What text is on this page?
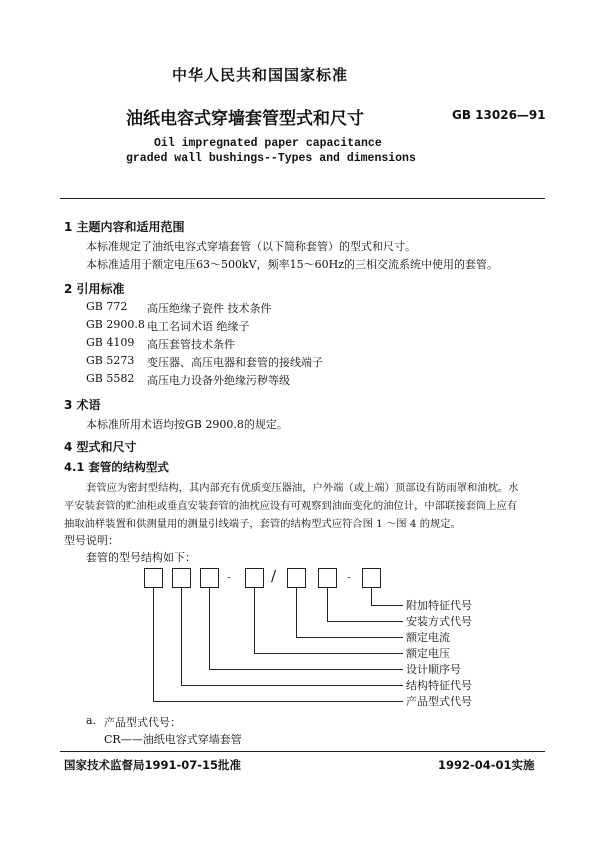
中华人民共和国国家标准
油纸电容式穿墙套管型式和尺寸	GB 13026—91
Oil impregnated paper capacitance
graded wall bushings--Types and dimensions
1 主题内容和适用范围
本标准规定了油纸电容式穿墙套管（以下简称套管）的型式和尺寸。
本标准适用于额定电压63～500kV，频率15～60Hz的三相交流系统中使用的套管。
2 引用标准
GB 772 高压绝缘子瓷件 技术条件
GB 2900.8 电工名词术语 绝缘子
GB 4109 高压套管技术条件
GB 5273 变压器、高压电器和套管的接线端子
GB 5582 高压电力设备外绝缘污秽等级
3 术语
本标准所用术语均按GB 2900.8的规定。
4 型式和尺寸
4.1 套管的结构型式
套管应为密封型结构，其内部充有优质变压器油，户外端（或上端）顶部设有防雨罩和油枕。水
平安装套管的贮油柜或垂直安装套管的油枕应设有可观察到油面变化的油位计，中部联接套筒上应有
抽取油样装置和供测量用的测量引线端子，套管的结构型式应符合图 1 ～图 4 的规定。
型号说明：
套管的型号结构如下：
-	/	-
附加特征代号
安装方式代号
额定电流
额定电压
设计顺序号
结构特征代号
产品型式代号
a. 产品型式代号：
CR——油纸电容式穿墙套管
国家技术监督局1991-07-15批准	1992-04-01实施
